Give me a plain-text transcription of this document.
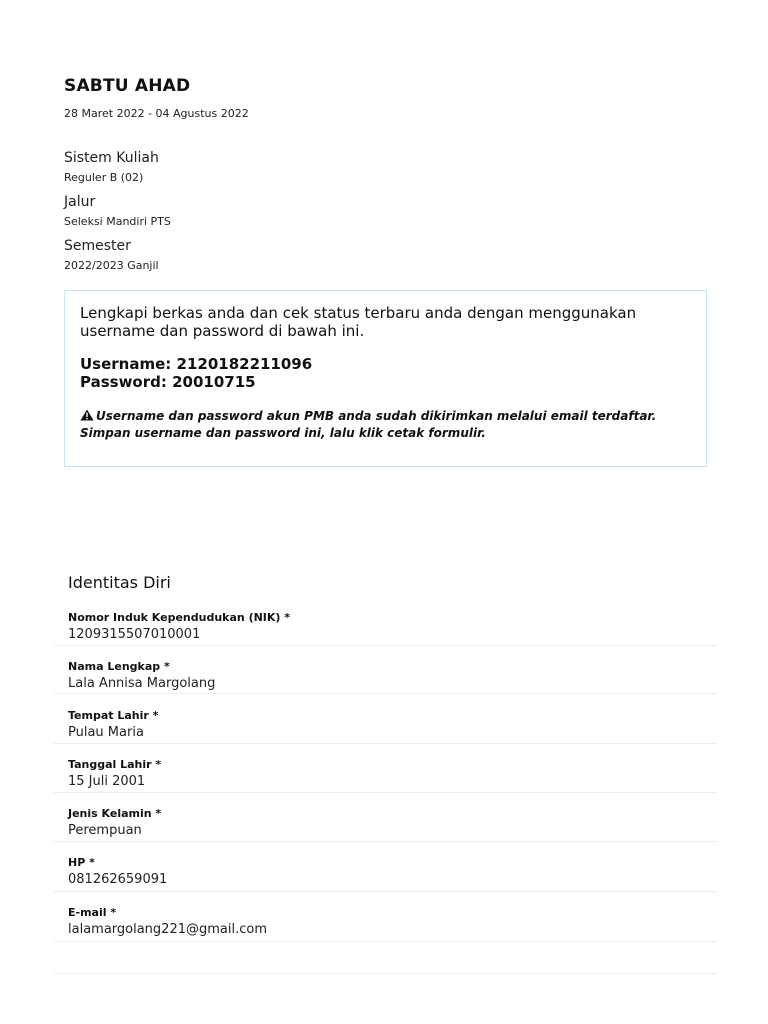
SABTU AHAD
28 Maret 2022 - 04 Agustus 2022
Sistem Kuliah
Reguler B (02)
Jalur
Seleksi Mandiri PTS
Semester
2022/2023 Ganjil
Lengkapi berkas anda dan cek status terbaru anda dengan menggunakan username dan password di bawah ini.
Username: 2120182211096
Password: 20010715
Username dan password akun PMB anda sudah dikirimkan melalui email terdaftar. Simpan username dan password ini, lalu klik cetak formulir.
Identitas Diri
Nomor Induk Kependudukan (NIK) *
1209315507010001
Nama Lengkap *
Lala Annisa Margolang
Tempat Lahir *
Pulau Maria
Tanggal Lahir *
15 Juli 2001
Jenis Kelamin *
Perempuan
HP *
081262659091
E-mail *
lalamargolang221@gmail.com
